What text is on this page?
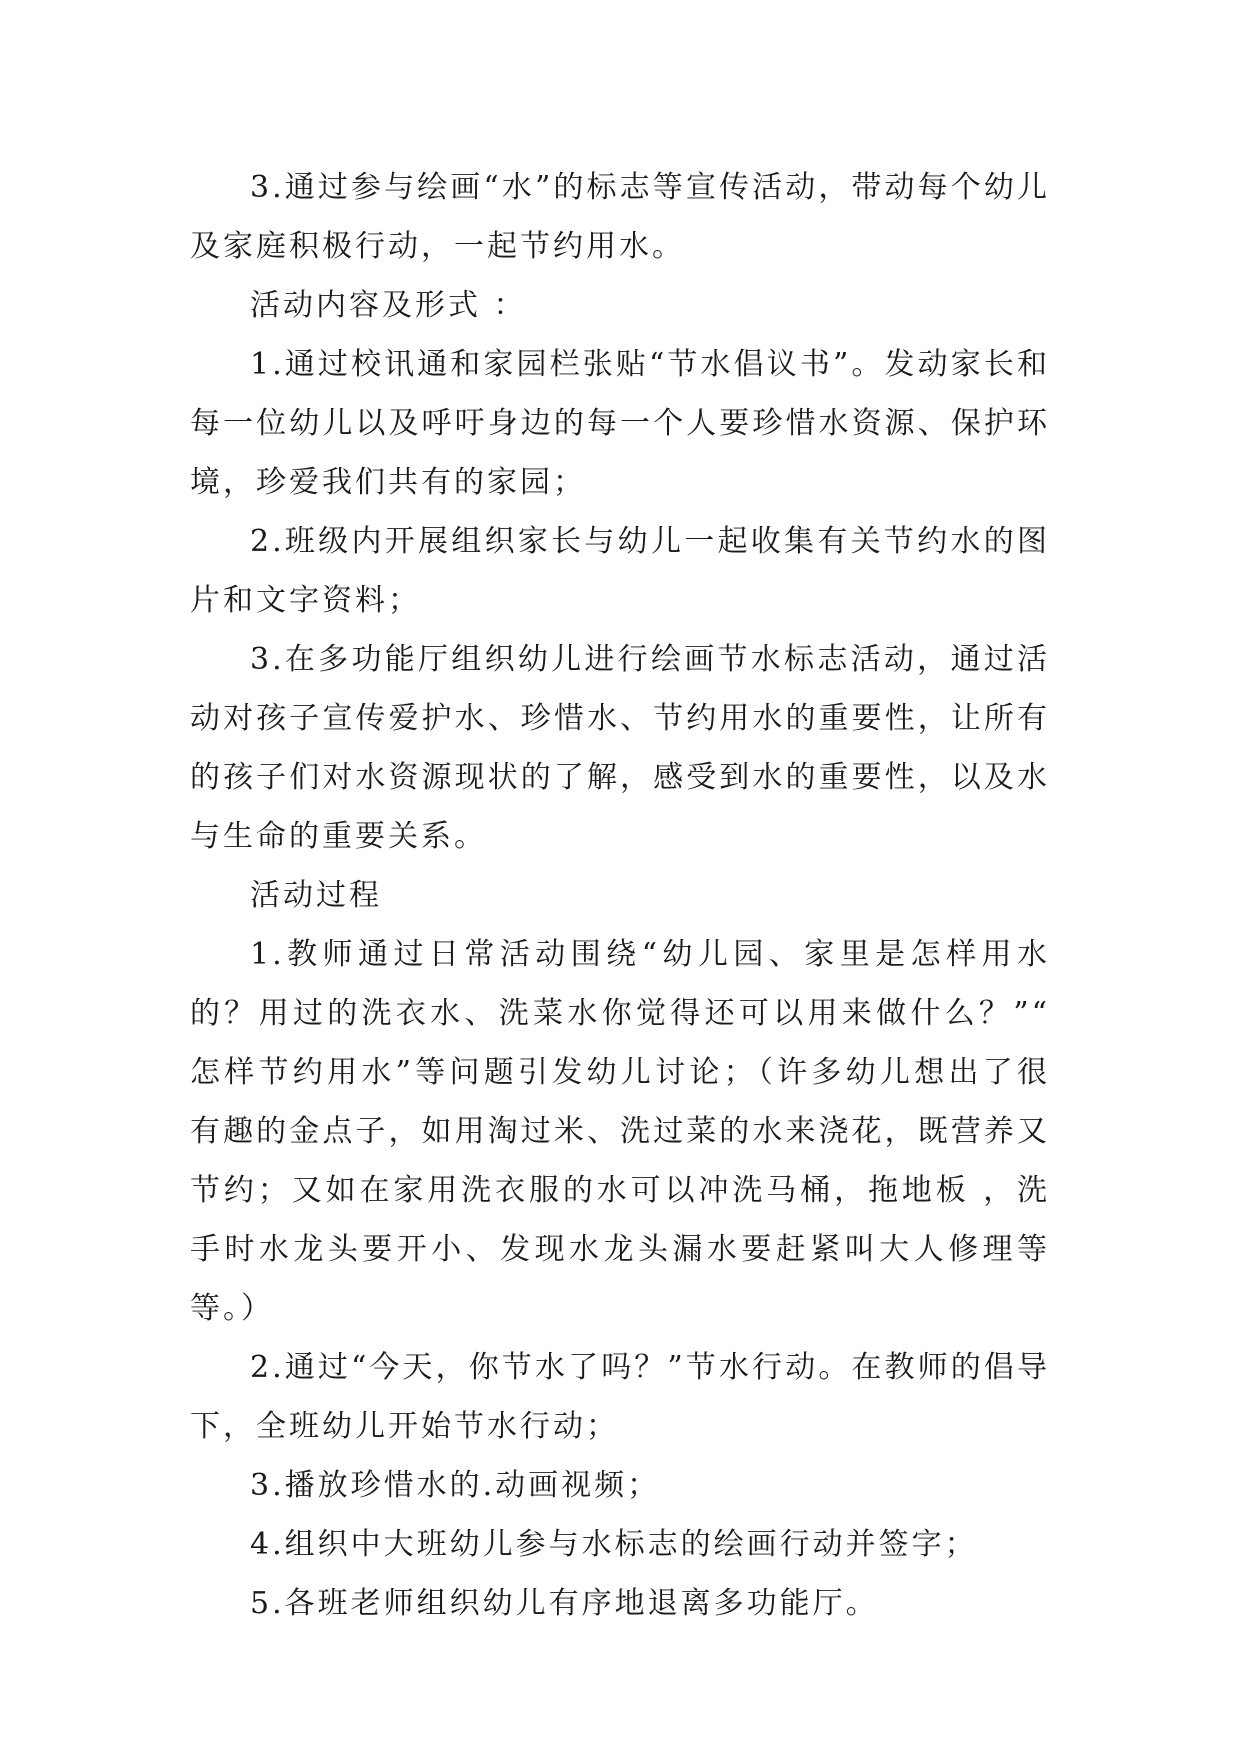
3.通过参与绘画“水”的标志等宣传活动，带动每个幼儿及家庭积极行动，一起节约用水。

活动内容及形式 ：

1.通过校讯通和家园栏张贴“节水倡议书”。发动家长和每一位幼儿以及呼吁身边的每一个人要珍惜水资源、保护环境，珍爱我们共有的家园；

2.班级内开展组织家长与幼儿一起收集有关节约水的图片和文字资料；

3.在多功能厅组织幼儿进行绘画节水标志活动，通过活动对孩子宣传爱护水、珍惜水、节约用水的重要性，让所有的孩子们对水资源现状的了解，感受到水的重要性，以及水与生命的重要关系。

活动过程

1.教师通过日常活动围绕“幼儿园、家里是怎样用水的？用过的洗衣水、洗菜水你觉得还可以用来做什么？”“ 怎样节约用水”等问题引发幼儿讨论；（许多幼儿想出了很有趣的金点子，如用淘过米、洗过菜的水来浇花，既营养又节约；又如在家用洗衣服的水可以冲洗马桶，拖地板 ，洗手时水龙头要开小、发现水龙头漏水要赶紧叫大人修理等等。）

2.通过“今天，你节水了吗？”节水行动。在教师的倡导下，全班幼儿开始节水行动；

3.播放珍惜水的.动画视频；

4.组织中大班幼儿参与水标志的绘画行动并签字；

5.各班老师组织幼儿有序地退离多功能厅。
